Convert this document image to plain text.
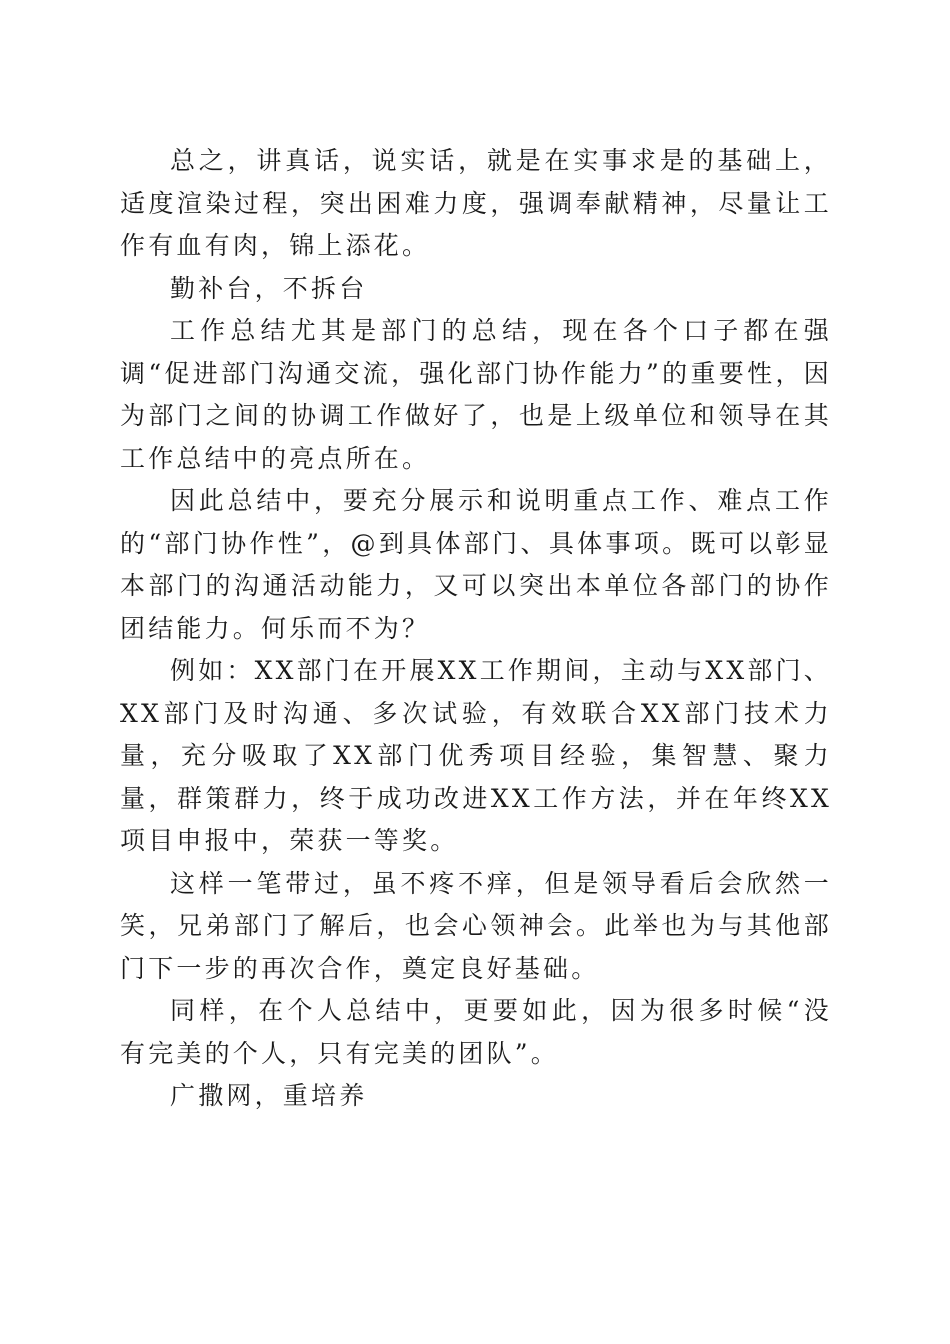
总之，讲真话，说实话，就是在实事求是的基础上，适度渲染过程，突出困难力度，强调奉献精神，尽量让工作有血有肉，锦上添花。

勤补台，不拆台

工作总结尤其是部门的总结，现在各个口子都在强调“促进部门沟通交流，强化部门协作能力”的重要性，因为部门之间的协调工作做好了，也是上级单位和领导在其工作总结中的亮点所在。

因此总结中，要充分展示和说明重点工作、难点工作的“部门协作性”，@到具体部门、具体事项。既可以彰显本部门的沟通活动能力，又可以突出本单位各部门的协作团结能力。何乐而不为？

例如：XX部门在开展XX工作期间，主动与XX部门、XX部门及时沟通、多次试验，有效联合XX部门技术力量，充分吸取了XX部门优秀项目经验，集智慧、聚力量，群策群力，终于成功改进XX工作方法，并在年终XX项目申报中，荣获一等奖。

这样一笔带过，虽不疼不痒，但是领导看后会欣然一笑，兄弟部门了解后，也会心领神会。此举也为与其他部门下一步的再次合作，奠定良好基础。

同样，在个人总结中，更要如此，因为很多时候“没有完美的个人，只有完美的团队”。

广撒网，重培养
